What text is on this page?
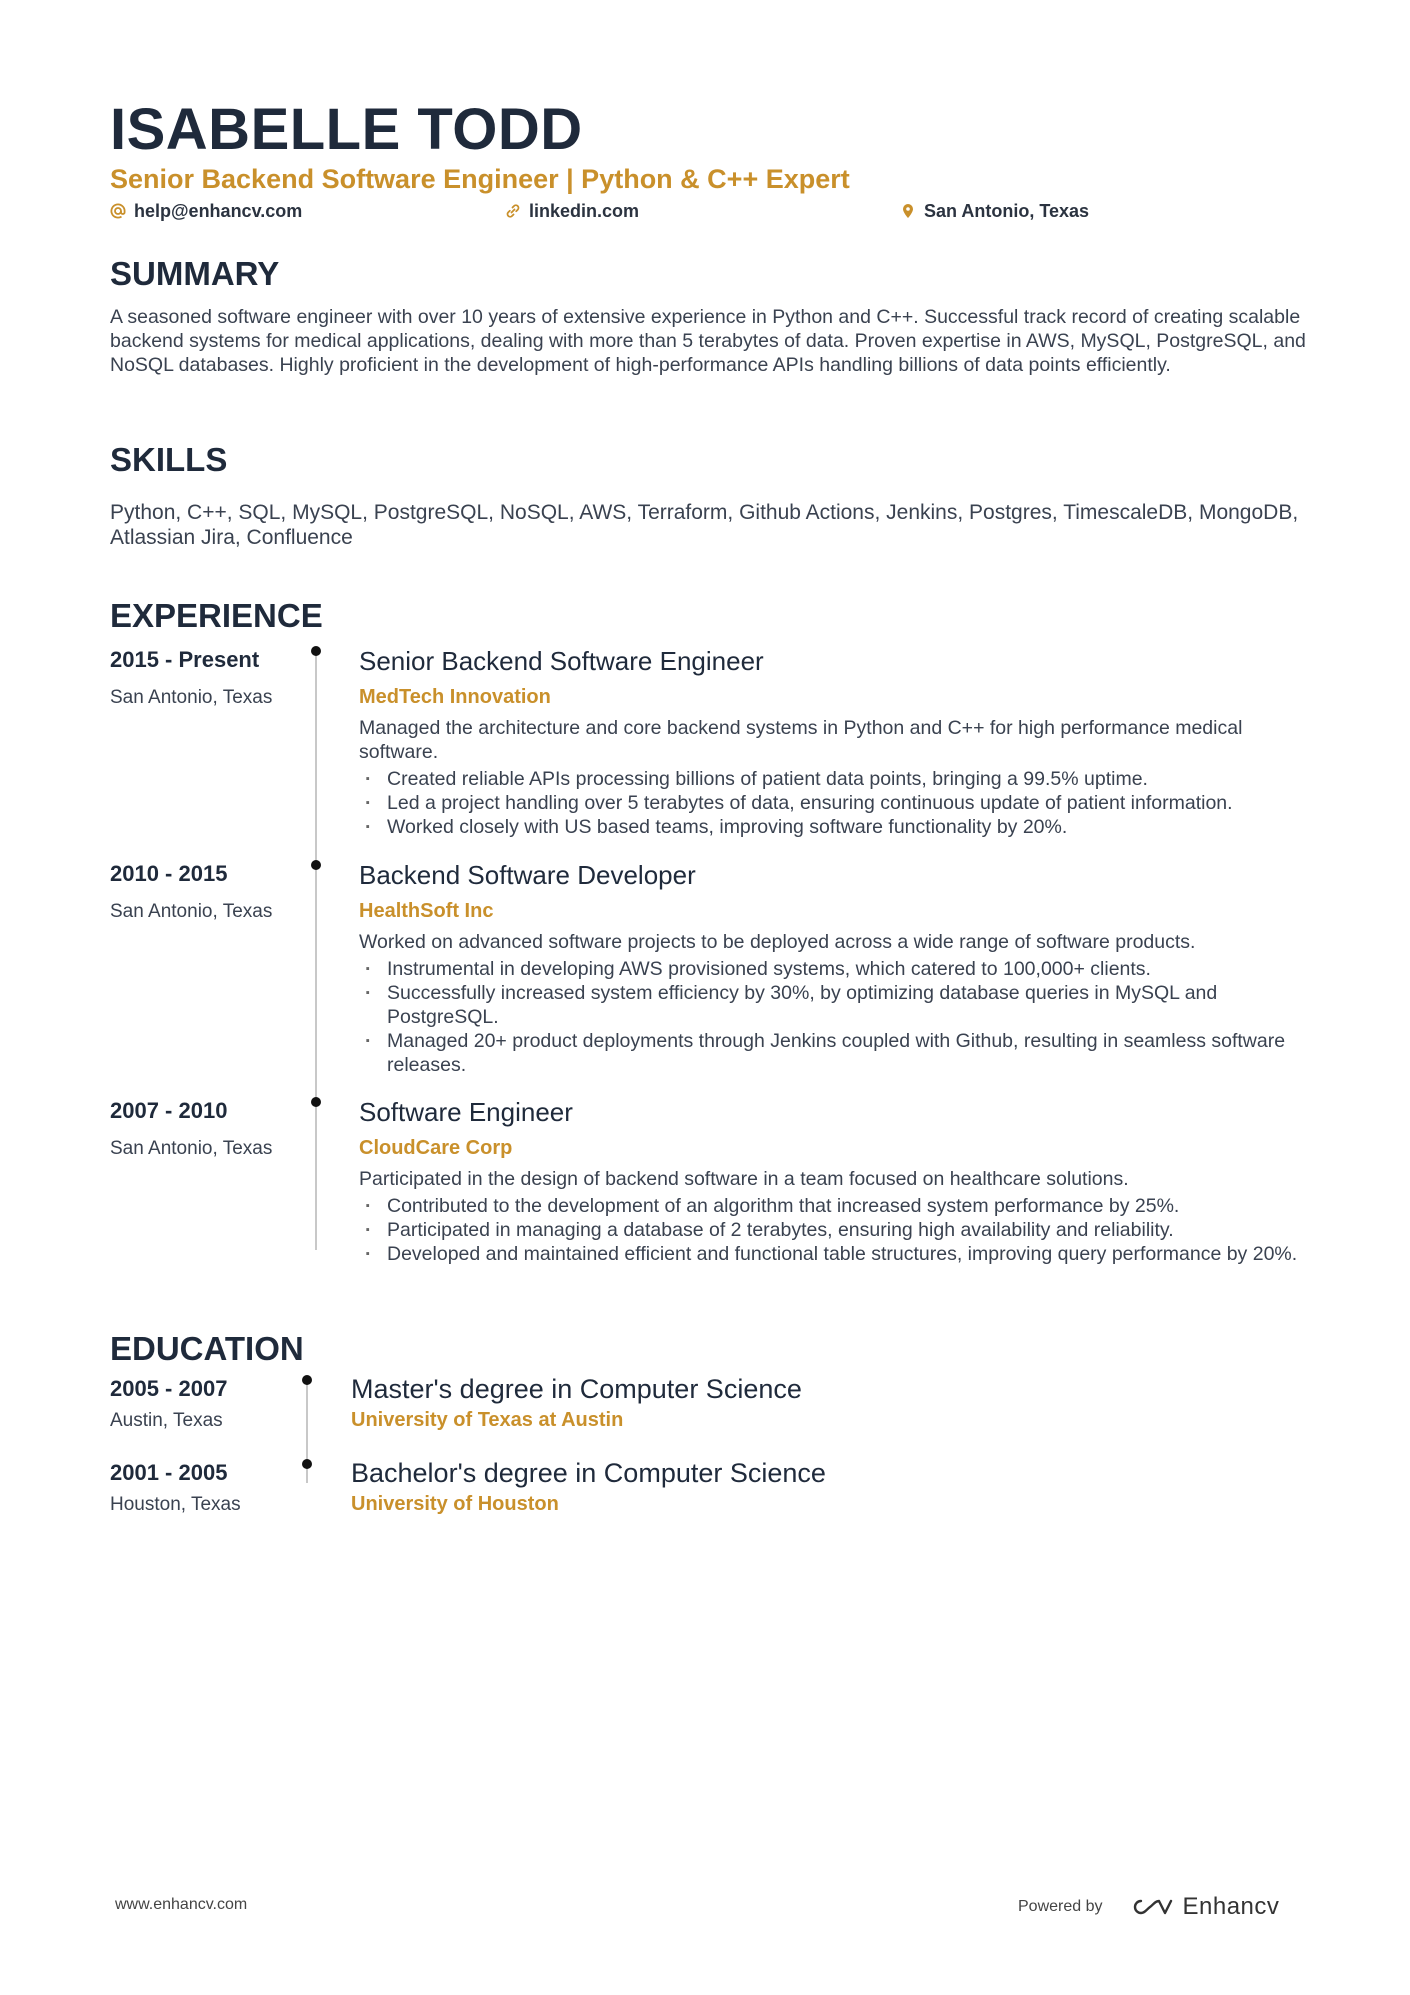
ISABELLE TODD
Senior Backend Software Engineer | Python & C++ Expert
help@enhancv.com	linkedin.com	San Antonio, Texas
SUMMARY
A seasoned software engineer with over 10 years of extensive experience in Python and C++. Successful track record of creating scalable backend systems for medical applications, dealing with more than 5 terabytes of data. Proven expertise in AWS, MySQL, PostgreSQL, and NoSQL databases. Highly proficient in the development of high-performance APIs handling billions of data points efficiently.
SKILLS
Python, C++, SQL, MySQL, PostgreSQL, NoSQL, AWS, Terraform, Github Actions, Jenkins, Postgres, TimescaleDB, MongoDB, Atlassian Jira, Confluence
EXPERIENCE
2015 - Present
San Antonio, Texas
Senior Backend Software Engineer
MedTech Innovation
Managed the architecture and core backend systems in Python and C++ for high performance medical software.
· Created reliable APIs processing billions of patient data points, bringing a 99.5% uptime.
· Led a project handling over 5 terabytes of data, ensuring continuous update of patient information.
· Worked closely with US based teams, improving software functionality by 20%.
2010 - 2015
San Antonio, Texas
Backend Software Developer
HealthSoft Inc
Worked on advanced software projects to be deployed across a wide range of software products.
· Instrumental in developing AWS provisioned systems, which catered to 100,000+ clients.
· Successfully increased system efficiency by 30%, by optimizing database queries in MySQL and PostgreSQL.
· Managed 20+ product deployments through Jenkins coupled with Github, resulting in seamless software releases.
2007 - 2010
San Antonio, Texas
Software Engineer
CloudCare Corp
Participated in the design of backend software in a team focused on healthcare solutions.
· Contributed to the development of an algorithm that increased system performance by 25%.
· Participated in managing a database of 2 terabytes, ensuring high availability and reliability.
· Developed and maintained efficient and functional table structures, improving query performance by 20%.
EDUCATION
2005 - 2007
Austin, Texas
Master's degree in Computer Science
University of Texas at Austin
2001 - 2005
Houston, Texas
Bachelor's degree in Computer Science
University of Houston
www.enhancv.com	Powered by	Enhancv
